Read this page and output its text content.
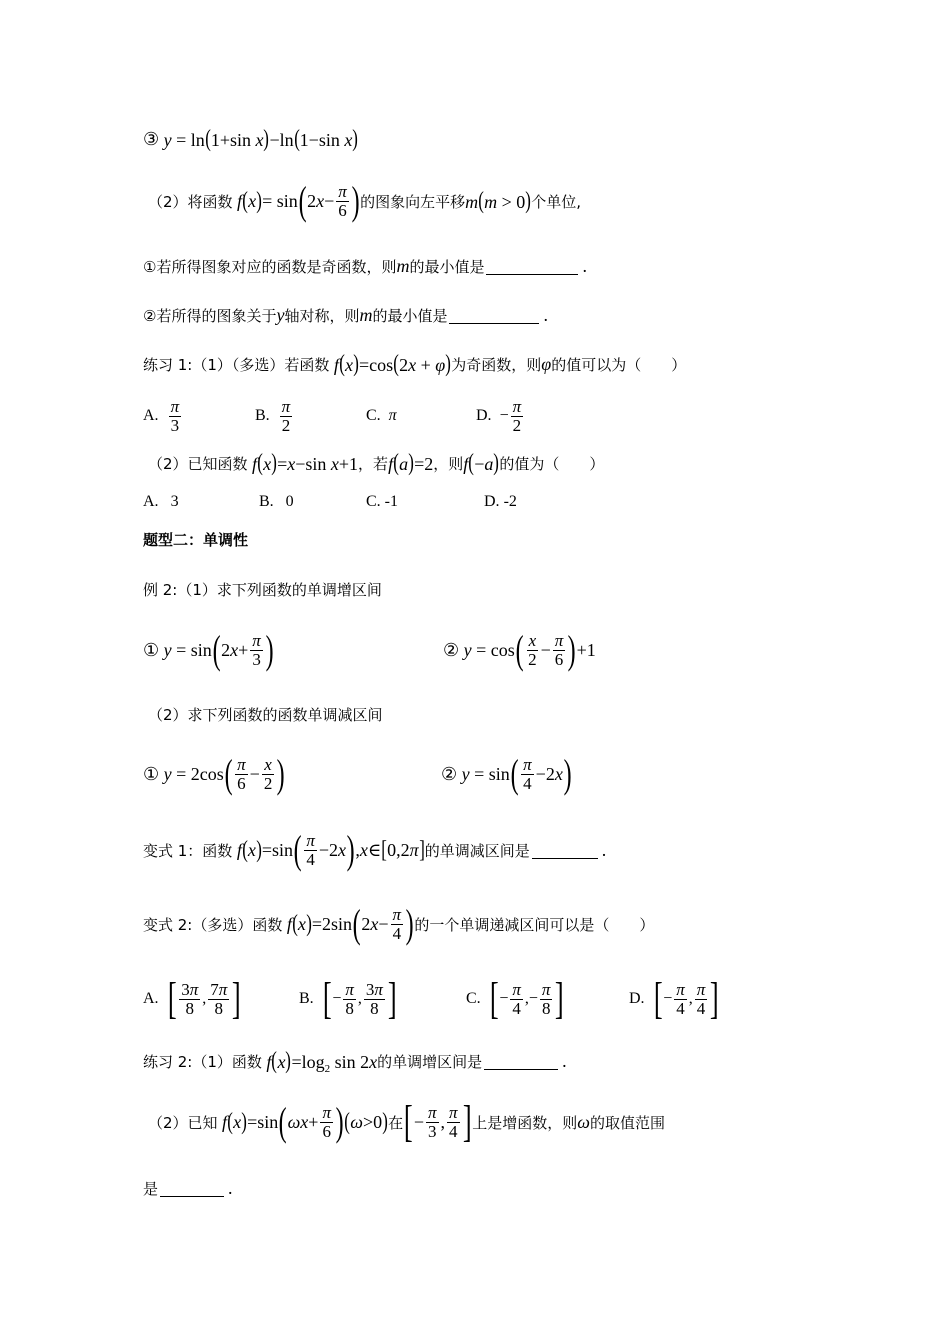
③ y = ln(1+sin x)−ln(1−sin x)
（2）将函数
f ( x ) =
sin ( 2 $x - \frac{\pi}{6}$ ) 的图象向左平移 m(m > 0) 个单位,
①若所得图象对应的函数是奇函数，则 m 的最小值是	.
②若所得的图象关于 y 轴对称，则 m 的最小值是	.
练习 1:（1）（多选）若函数 f(x)=cos(2x + φ) 为奇函数，则 φ 的值可以为（　　）
A.
$\frac{\pi}{3}$	B.
$\frac{\pi}{2}$	C.
π	D.
− $\frac{\pi}{2}$
（2）已知函数 f(x)=x−sin x+1 ，若 f(a)=2 ，则 f(−a) 的值为（　　）
A.
3	B.
0	C.
-1	D.
-2
题型二：单调性
例 2:（1）求下列函数的单调增区间
①
y
=
sin ( 2 $x + \frac{\pi}{3}$ )	②
y
=
cos ( $\frac{x}{2} - \frac{\pi}{6}$ ) + 1
（2）求下列函数的函数单调减区间
①
y
=
2 cos ( $\frac{\pi}{6} - \frac{x}{2}$ )	②
y
=
sin ( $\frac{\pi}{4} - 2$ x )
变式 1：函数
f ( x ) = sin ( $\frac{\pi}{4} - 2$ x ) , x ∈ [ 0 , 2 π ] 的单调减区间是	.
变式 2:（多选）函数
f ( x ) = 2 sin ( 2 $x - \frac{\pi}{4}$ ) 的一个单调递减区间可以是（　　）
A.
[ $\frac{3\pi}{8}$ , $\frac{7\pi}{8}$ ]	B.
[ − $\frac{\pi}{8}$ , $\frac{3\pi}{8}$ ]	C.
[ − $\frac{\pi}{4}$ , − $\frac{\pi}{8}$ ]	D.
[ − $\frac{\pi}{4}$ , $\frac{\pi}{4}$ ]
练习 2:（1）函数 $f(x)=\log_2$ sin 2x 的单调增区间是	.
（2）已知
f ( x ) = sin ( ω $x + \frac{\pi}{6}$ ) ( ω > 0 ) 在 [ − $\frac{\pi}{3}$ , $\frac{\pi}{4}$ ] 上是增函数，则 ω 的取值范围
是	.
